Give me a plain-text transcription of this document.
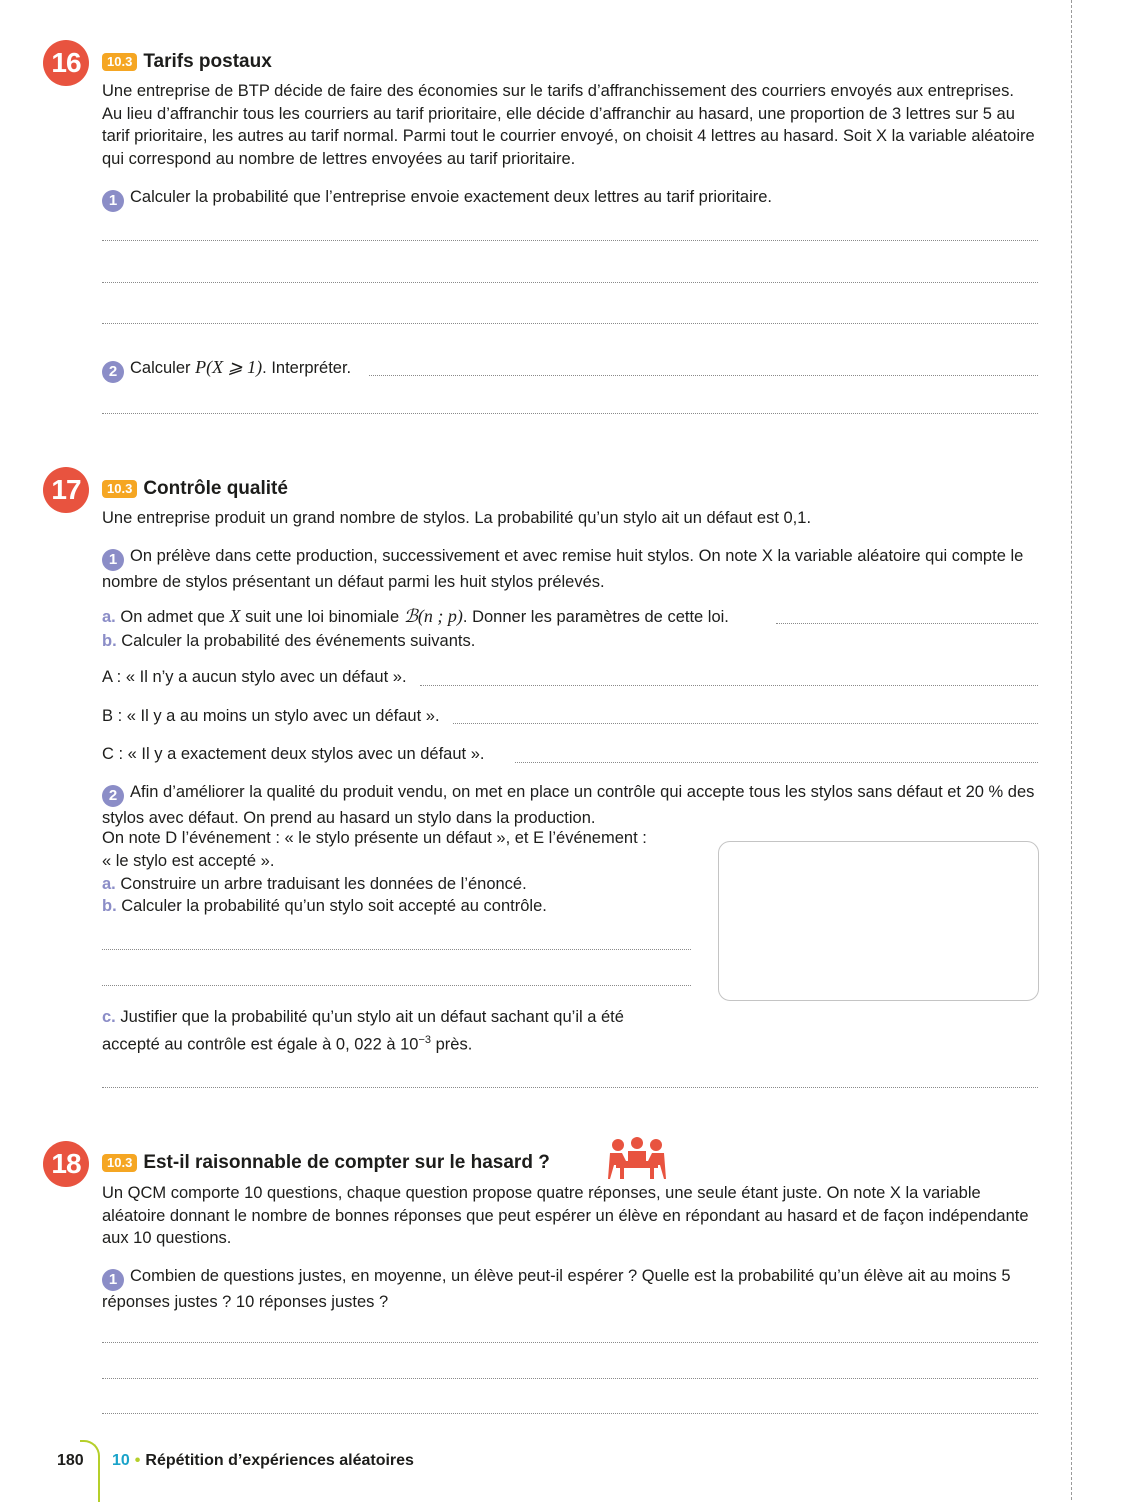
16	10.3 Tarifs postaux
Une entreprise de BTP décide de faire des économies sur le tarifs d’affranchissement des courriers envoyés aux entreprises. Au lieu d’affranchir tous les courriers au tarif prioritaire, elle décide d’affranchir au hasard, une proportion de 3 lettres sur 5 au tarif prioritaire, les autres au tarif normal. Parmi tout le courrier envoyé, on choisit 4 lettres au hasard. Soit X la variable aléatoire qui correspond au nombre de lettres envoyées au tarif prioritaire.
1 Calculer la probabilité que l’entreprise envoie exactement deux lettres au tarif prioritaire.
2 Calculer P(X ⩾ 1). Interpréter.
17	10.3 Contrôle qualité
Une entreprise produit un grand nombre de stylos. La probabilité qu’un stylo ait un défaut est 0,1.
1 On prélève dans cette production, successivement et avec remise huit stylos. On note X la variable aléatoire qui compte le nombre de stylos présentant un défaut parmi les huit stylos prélevés.
a. On admet que X suit une loi binomiale ℬ(n ; p). Donner les paramètres de cette loi.
b. Calculer la probabilité des événements suivants.
A : « Il n’y a aucun stylo avec un défaut ».
B : « Il y a au moins un stylo avec un défaut ».
C : « Il y a exactement deux stylos avec un défaut ».
2 Afin d’améliorer la qualité du produit vendu, on met en place un contrôle qui accepte tous les stylos sans défaut et 20 % des stylos avec défaut. On prend au hasard un stylo dans la production.
On note D l’événement : « le stylo présente un défaut », et E l’événement :
« le stylo est accepté ».
a. Construire un arbre traduisant les données de l’énoncé.
b. Calculer la probabilité qu’un stylo soit accepté au contrôle.
c. Justifier que la probabilité qu’un stylo ait un défaut sachant qu’il a été
accepté au contrôle est égale à 0, 022 à $10^{-3}$ près.
18	10.3 Est-il raisonnable de compter sur le hasard ?
Un QCM comporte 10 questions, chaque question propose quatre réponses, une seule étant juste. On note X la variable aléatoire donnant le nombre de bonnes réponses que peut espérer un élève en répondant au hasard et de façon indépendante aux 10 questions.
1 Combien de questions justes, en moyenne, un élève peut-il espérer ? Quelle est la probabilité qu’un élève ait au moins 5 réponses justes ? 10 réponses justes ?
180 10 • Répétition d’expériences aléatoires
